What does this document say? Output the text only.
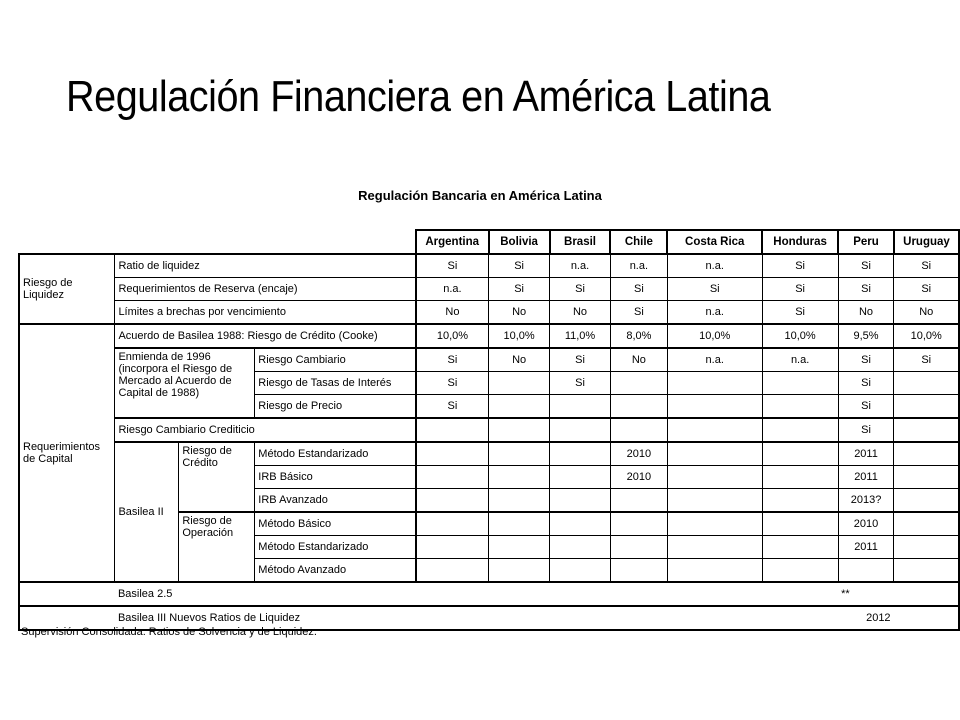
Regulación Financiera en América Latina
Regulación Bancaria en América Latina
				Argentina	Bolivia	Brasil	Chile	Costa Rica	Honduras	Peru	Uruguay
Riesgo de Liquidez	Ratio de liquidez			Si	Si	n.a.	n.a.	n.a.	Si	Si	Si
	Requerimientos de Reserva (encaje)			n.a.	Si	Si	Si	Si	Si	Si	Si
	Límites a brechas por vencimiento			No	No	No	Si	n.a.	Si	No	No
Requerimientos de Capital	Acuerdo de Basilea 1988: Riesgo de Crédito (Cooke)			10,0%	10,0%	11,0%	8,0%	10,0%	10,0%	9,5%	10,0%
	Enmienda de 1996 (incorpora el Riesgo de Mercado al Acuerdo de Capital de 1988)		Riesgo Cambiario	Si	No	Si	No	n.a.	n.a.	Si	Si
			Riesgo de Tasas de Interés	Si		Si				Si	
			Riesgo de Precio	Si						Si	
	Riesgo Cambiario Crediticio									Si	
	Basilea II	Riesgo de Crédito	Método Estandarizado				2010			2011	
			IRB Básico				2010			2011	
			IRB Avanzado							2013?	
		Riesgo de Operación	Método Básico							2010	
			Método Estandarizado							2011	
			Método Avanzado								
	Basilea 2.5									**	
	Basilea III Nuevos Ratios de Liquidez									2012	
Supervisión Consolidada: Ratios de Solvencia y de Liquidez.
